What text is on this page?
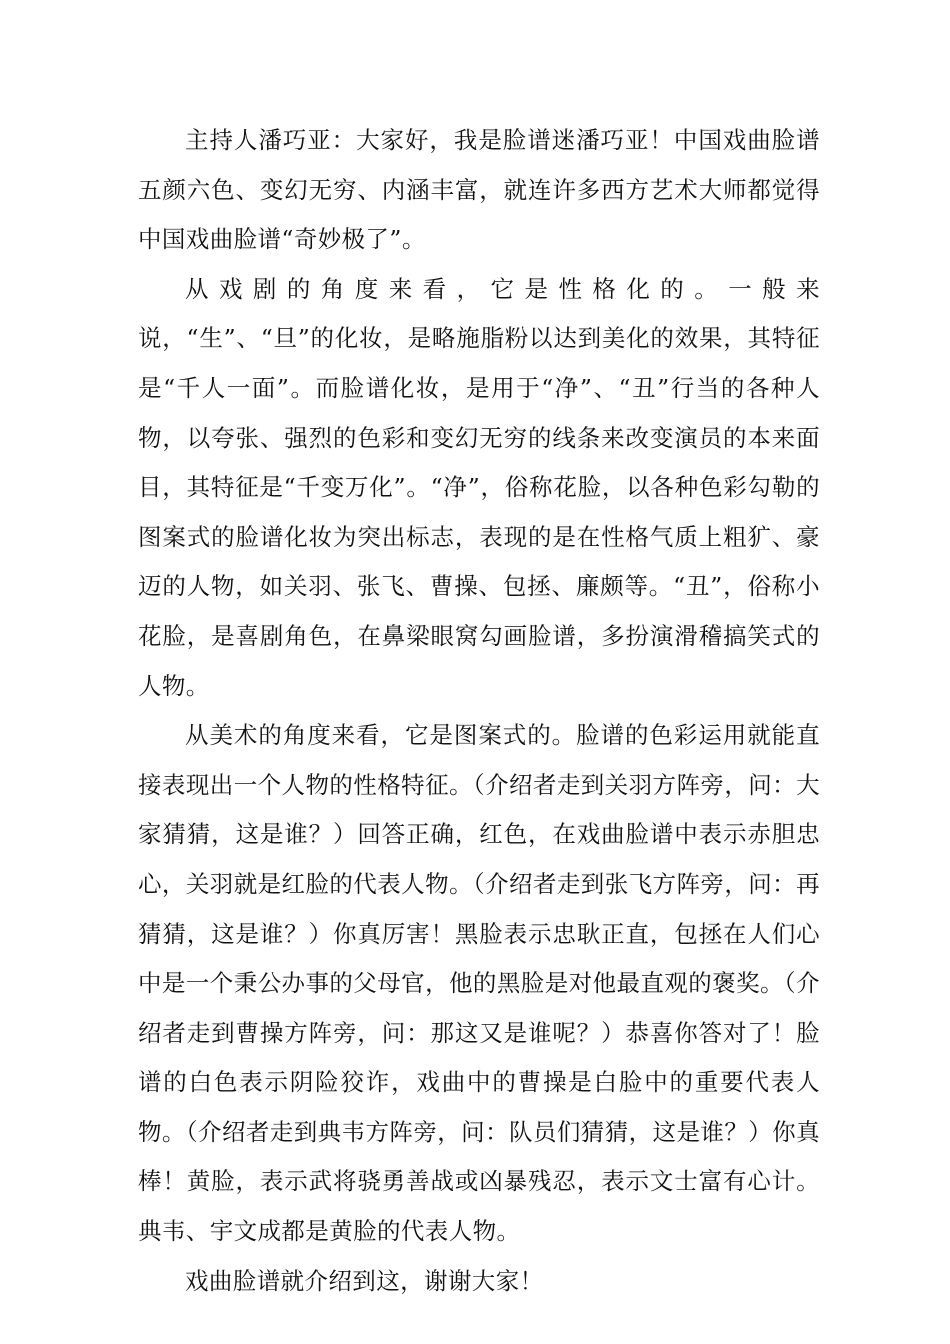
主持人潘巧亚：大家好，我是脸谱迷潘巧亚！中国戏曲脸谱五颜六色、变幻无穷、内涵丰富，就连许多西方艺术大师都觉得中国戏曲脸谱“奇妙极了”。

从戏剧的角度来看，它是性格化的。一般来说，“生”、“旦”的化妆，是略施脂粉以达到美化的效果，其特征是“千人一面”。而脸谱化妆，是用于“净”、“丑”行当的各种人物，以夸张、强烈的色彩和变幻无穷的线条来改变演员的本来面目，其特征是“千变万化”。“净”，俗称花脸，以各种色彩勾勒的图案式的脸谱化妆为突出标志，表现的是在性格气质上粗犷、豪迈的人物，如关羽、张飞、曹操、包拯、廉颇等。“丑”，俗称小花脸，是喜剧角色，在鼻梁眼窝勾画脸谱，多扮演滑稽搞笑式的人物。

从美术的角度来看，它是图案式的。脸谱的色彩运用就能直接表现出一个人物的性格特征。（介绍者走到关羽方阵旁，问：大家猜猜，这是谁？）回答正确，红色，在戏曲脸谱中表示赤胆忠心，关羽就是红脸的代表人物。（介绍者走到张飞方阵旁，问：再猜猜，这是谁？）你真厉害！黑脸表示忠耿正直，包拯在人们心中是一个秉公办事的父母官，他的黑脸是对他最直观的褒奖。（介绍者走到曹操方阵旁，问：那这又是谁呢？）恭喜你答对了！脸谱的白色表示阴险狡诈，戏曲中的曹操是白脸中的重要代表人物。（介绍者走到典韦方阵旁，问：队员们猜猜，这是谁？）你真棒！黄脸，表示武将骁勇善战或凶暴残忍，表示文士富有心计。典韦、宇文成都是黄脸的代表人物。

戏曲脸谱就介绍到这，谢谢大家！
